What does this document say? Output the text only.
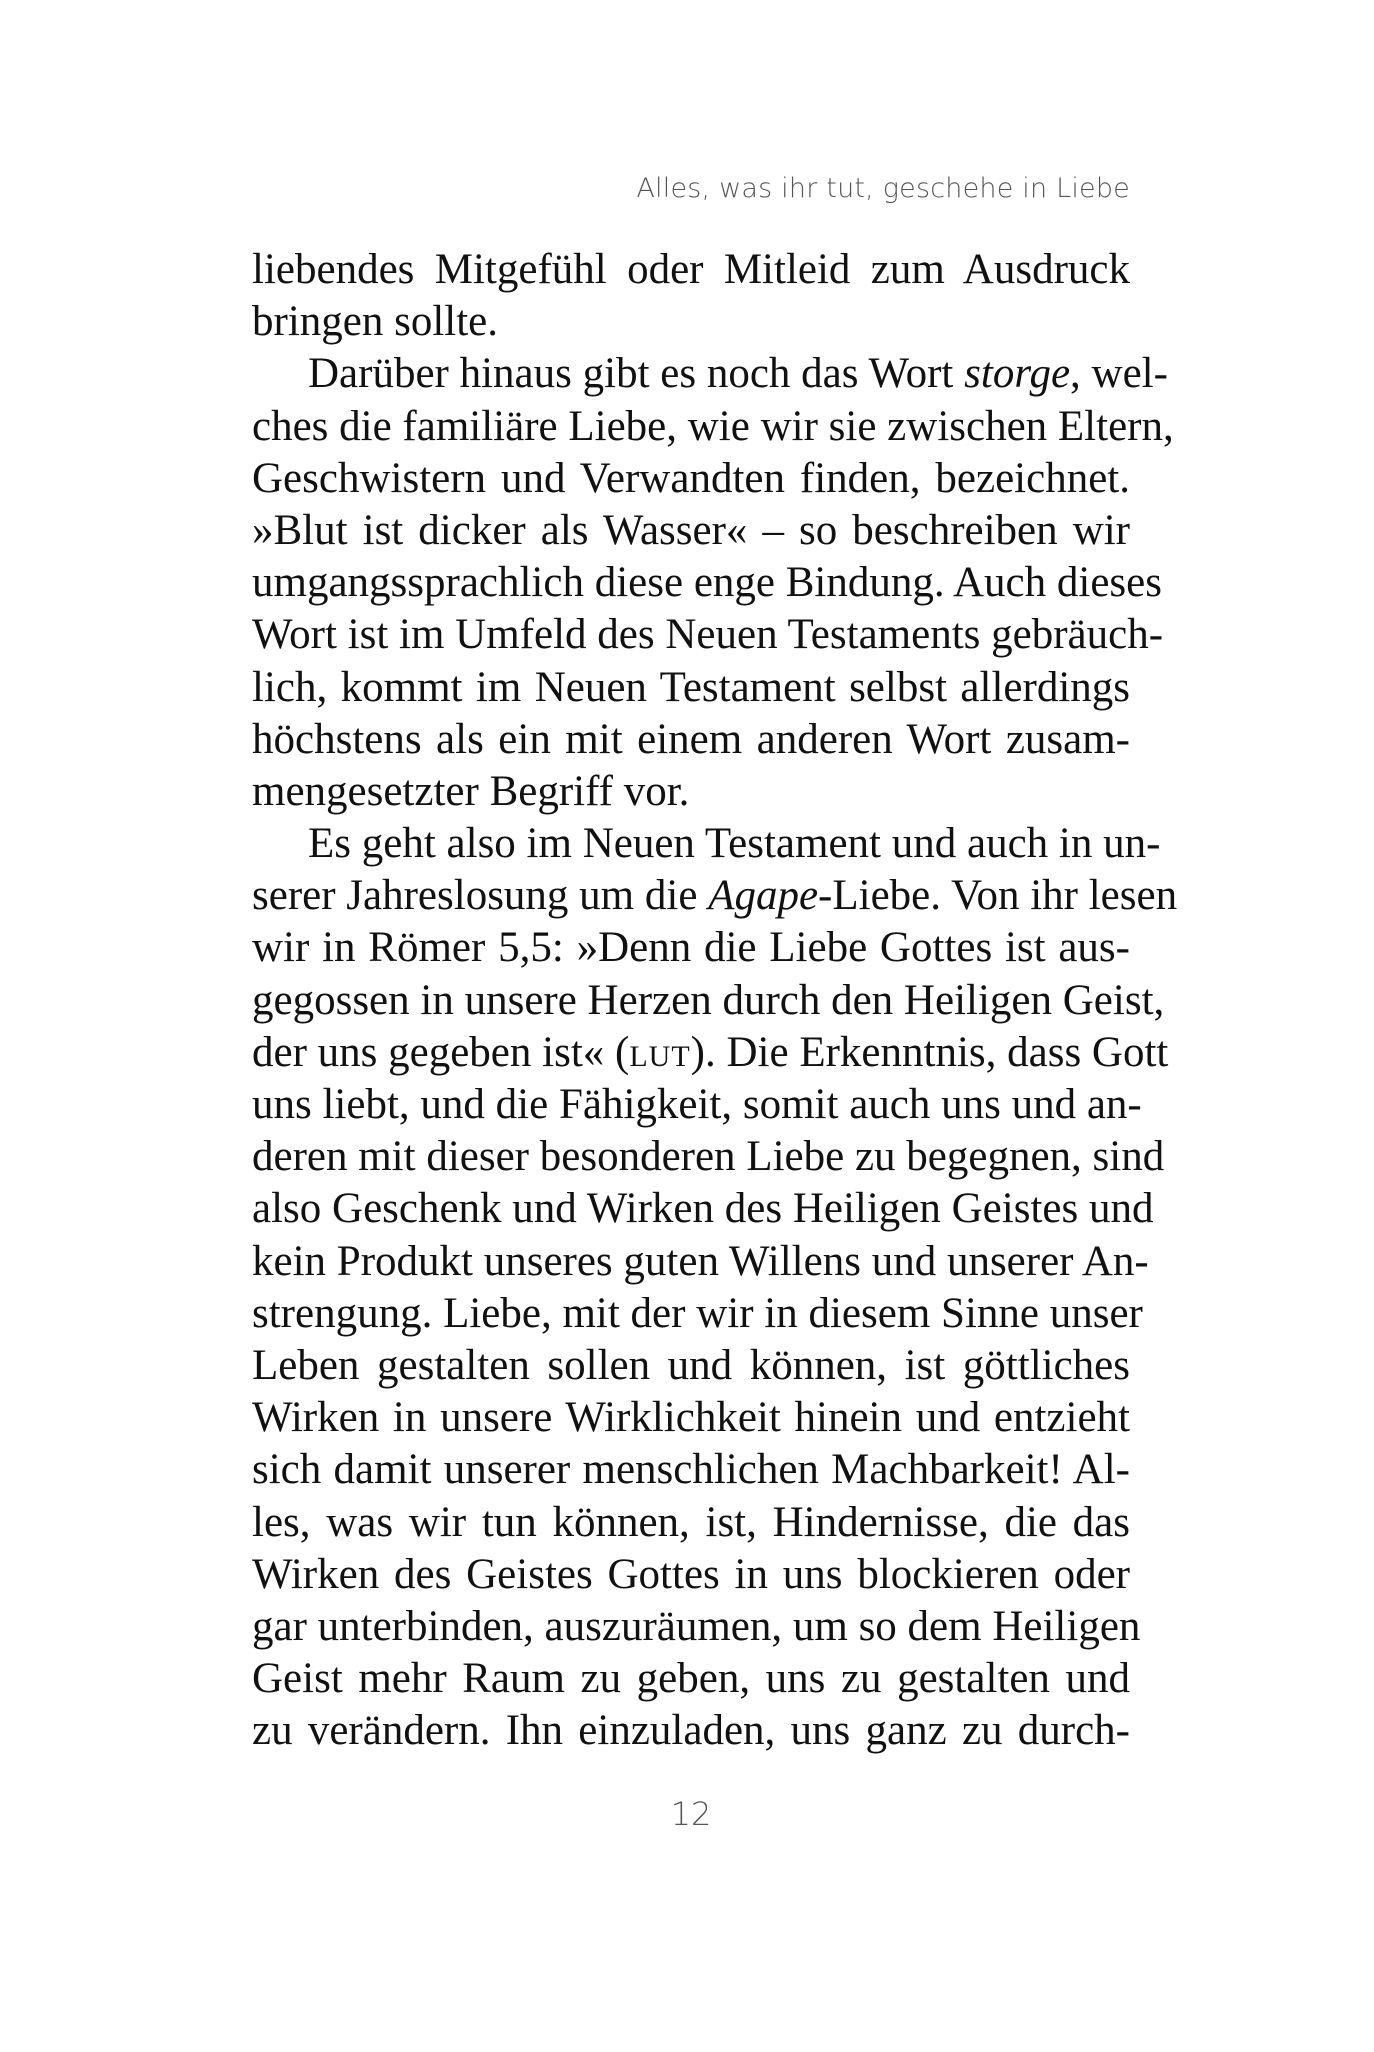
Alles, was ihr tut, geschehe in Liebe
liebendes Mitgefühl oder Mitleid zum Ausdruck
bringen sollte.
Darüber hinaus gibt es noch das Wort storge, wel-
ches die familiäre Liebe, wie wir sie zwischen Eltern,
Geschwistern und Verwandten finden, bezeichnet.
»Blut ist dicker als Wasser« – so beschreiben wir
umgangssprachlich diese enge Bindung. Auch dieses
Wort ist im Umfeld des Neuen Testaments gebräuch-
lich, kommt im Neuen Testament selbst allerdings
höchstens als ein mit einem anderen Wort zusam-
mengesetzter Begriff vor.
Es geht also im Neuen Testament und auch in un-
serer Jahreslosung um die Agape-Liebe. Von ihr lesen
wir in Römer 5,5: »Denn die Liebe Gottes ist aus-
gegossen in unsere Herzen durch den Heiligen Geist,
der uns gegeben ist« (lut). Die Erkenntnis, dass Gott
uns liebt, und die Fähigkeit, somit auch uns und an-
deren mit dieser besonderen Liebe zu begegnen, sind
also Geschenk und Wirken des Heiligen Geistes und
kein Produkt unseres guten Willens und unserer An-
strengung. Liebe, mit der wir in diesem Sinne unser
Leben gestalten sollen und können, ist göttliches
Wirken in unsere Wirklichkeit hinein und entzieht
sich damit unserer menschlichen Machbarkeit! Al-
les, was wir tun können, ist, Hindernisse, die das
Wirken des Geistes Gottes in uns blockieren oder
gar unterbinden, auszuräumen, um so dem Heiligen
Geist mehr Raum zu geben, uns zu gestalten und
zu verändern. Ihn einzuladen, uns ganz zu durch-
12
